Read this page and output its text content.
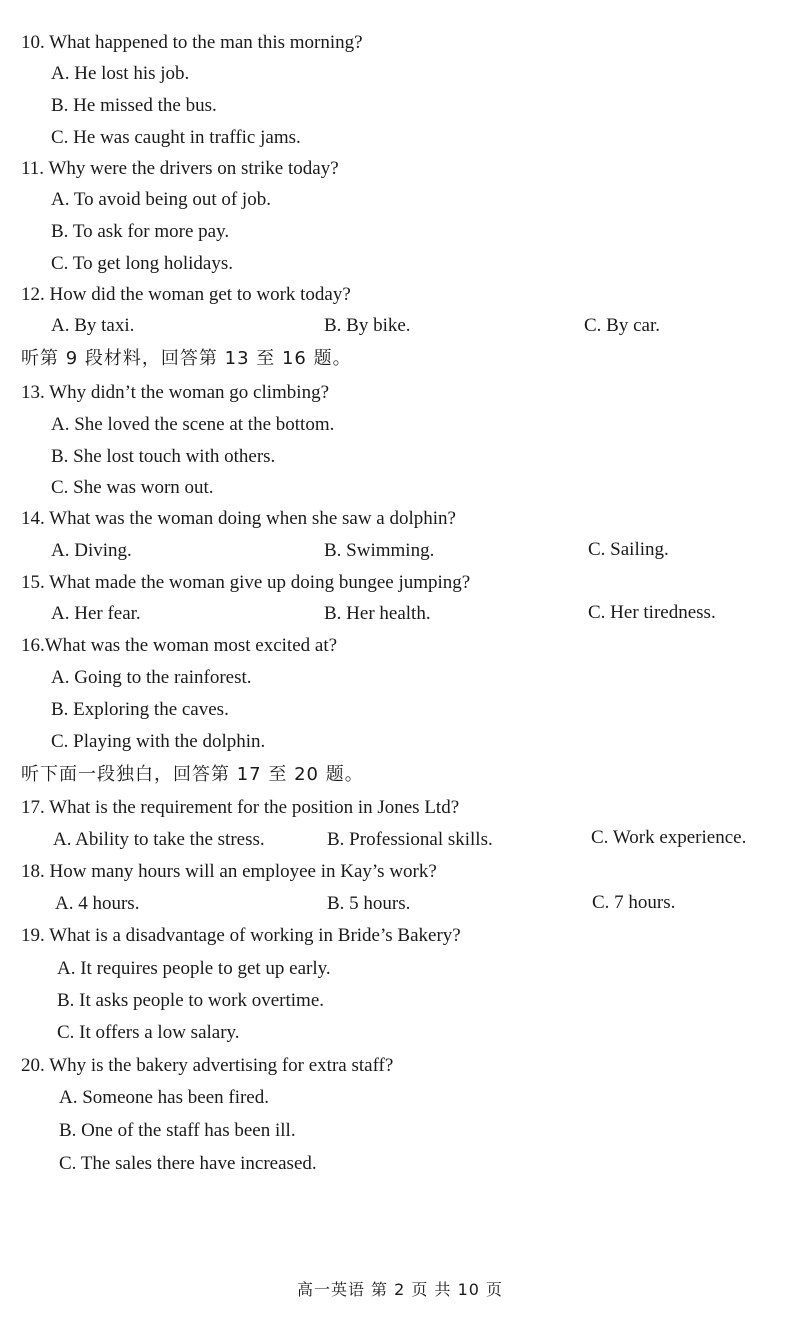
10. What happened to the man this morning?
A. He lost his job.
B. He missed the bus.
C. He was caught in traffic jams.
11. Why were the drivers on strike today?
A. To avoid being out of job.
B. To ask for more pay.
C. To get long holidays.
12. How did the woman get to work today?
A. By taxi.	B. By bike.	C. By car.
听第 9 段材料，回答第 13 至 16 题。
13. Why didn’t the woman go climbing?
A. She loved the scene at the bottom.
B. She lost touch with others.
C. She was worn out.
14. What was the woman doing when she saw a dolphin?
A. Diving.	B. Swimming.	C. Sailing.
15. What made the woman give up doing bungee jumping?
A. Her fear.	B. Her health.	C. Her tiredness.
16.What was the woman most excited at?
A. Going to the rainforest.
B. Exploring the caves.
C. Playing with the dolphin.
听下面一段独白，回答第 17 至 20 题。
17. What is the requirement for the position in Jones Ltd?
A. Ability to take the stress.	B. Professional skills.	C. Work experience.
18. How many hours will an employee in Kay’s work?
A. 4 hours.	B. 5 hours.	C. 7 hours.
19. What is a disadvantage of working in Bride’s Bakery?
A. It requires people to get up early.
B. It asks people to work overtime.
C. It offers a low salary.
20. Why is the bakery advertising for extra staff?
A. Someone has been fired.
B. One of the staff has been ill.
C. The sales there have increased.
高一英语 第 2 页 共 10 页
